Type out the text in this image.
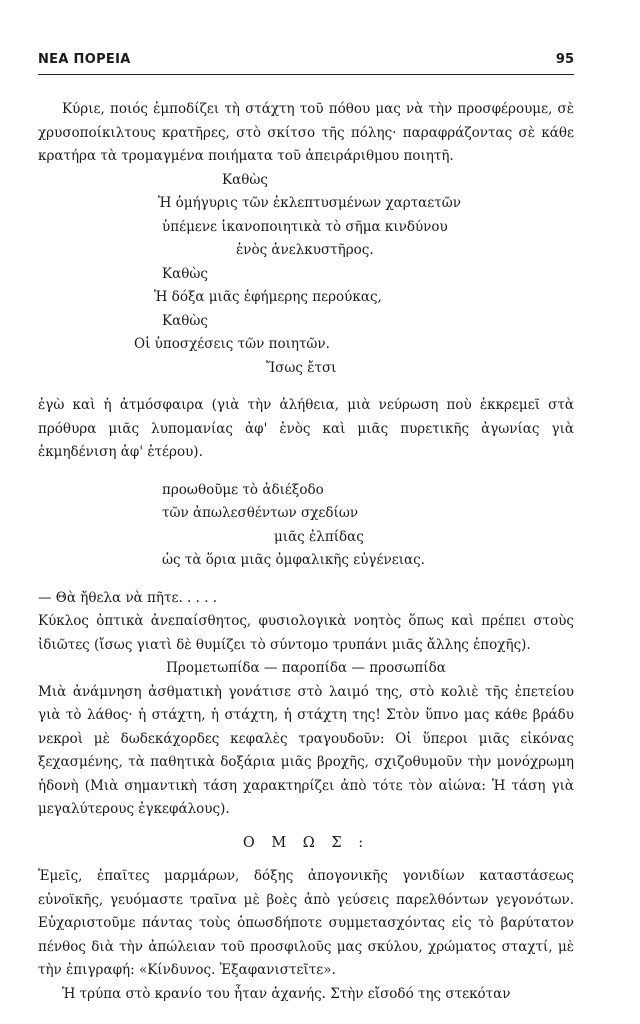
ΝΕΑ ΠΟΡΕΙΑ	95

Κύριε, ποιός ἐμποδίζει τὴ στάχτη τοῦ πόθου μας νὰ τὴν προσφέρουμε, σὲ χρυσοποίκιλτους κρατῆρες, στὸ σκίτσο τῆς πόλης· παραφράζοντας σὲ κάθε κρατήρα τὰ τρομαγμένα ποιήματα τοῦ ἀπειράριθμου ποιητῆ.

Καθὼς

Ἡ ὁμήγυρις τῶν ἐκλεπτυσμένων χαρταετῶν

ὑπέμενε ἱκανοποιητικὰ τὸ σῆμα κινδύνου

ἑνὸς ἀνελκυστῆρος.

Καθὼς

Ἡ δόξα μιᾶς ἐφήμερης περούκας,

Καθὼς

Οἱ ὑποσχέσεις τῶν ποιητῶν.

Ἴσως ἔτσι

ἐγὼ καὶ ἡ ἀτμόσφαιρα (γιὰ τὴν ἀλήθεια, μιὰ νεύρωση ποὺ ἐκκρεμεῖ στὰ πρόθυρα μιᾶς λυπομανίας ἀφ' ἑνὸς καὶ μιᾶς πυρετικῆς ἀγωνίας γιὰ ἐκμηδένιση ἀφ' ἑτέρου).

προωθοῦμε τὸ ἀδιέξοδο

τῶν ἀπωλεσθέντων σχεδίων

μιᾶς ἐλπίδας

ὡς τὰ ὅρια μιᾶς ὀμφαλικῆς εὐγένειας.

— Θὰ ἤθελα νὰ πῆτε. . . . .

Κύκλος ὀπτικὰ ἀνεπαίσθητος, φυσιολογικὰ νοητὸς ὅπως καὶ πρέπει στοὺς ἰδιῶτες (ἴσως γιατὶ δὲ θυμίζει τὸ σύντομο τρυπάνι μιᾶς ἄλλης ἐποχῆς).

Προμετωπίδα — παροπίδα — προσωπίδα

Μιὰ ἀνάμνηση ἀσθματικὴ γονάτισε στὸ λαιμό της, στὸ κολιὲ τῆς ἐπετείου γιὰ τὸ λάθος· ἡ στάχτη, ἡ στάχτη, ἡ στάχτη της! Στὸν ὕπνο μας κάθε βράδυ νεκροὶ μὲ δωδεκάχορδες κεφαλὲς τραγουδοῦν: Οἱ ὕπεροι μιᾶς εἰκόνας ξεχασμένης, τὰ παθητικὰ δοξάρια μιᾶς βροχῆς, σχιζοθυμοῦν τὴν μονόχρωμη ἡδονὴ (Μιὰ σημαντικὴ τάση χαρακτηρίζει ἀπὸ τότε τὸν αἰώνα: Ἡ τάση γιὰ μεγαλύτερους ἐγκεφάλους).

Ο Μ Ω Σ :

Ἐμεῖς, ἐπαῖτες μαρμάρων, δόξης ἀπογονικῆς γονιδίων καταστάσεως εὐνοϊκῆς, γευόμαστε τραῖνα μὲ βοὲς ἀπὸ γεύσεις παρελθόντων γεγονότων. Εὐχαριστοῦμε πάντας τοὺς ὁπωσδήποτε συμμετασχόντας εἰς τὸ βαρύτατον πένθος διὰ τὴν ἀπώλειαν τοῦ προσφιλοῦς μας σκύλου, χρώματος σταχτί, μὲ τὴν ἐπιγραφή: «Κίνδυνος. Ἐξαφανιστεῖτε».

Ἡ τρύπα στὸ κρανίο του ἦταν ἀχανής. Στὴν εἴσοδό της στεκόταν
